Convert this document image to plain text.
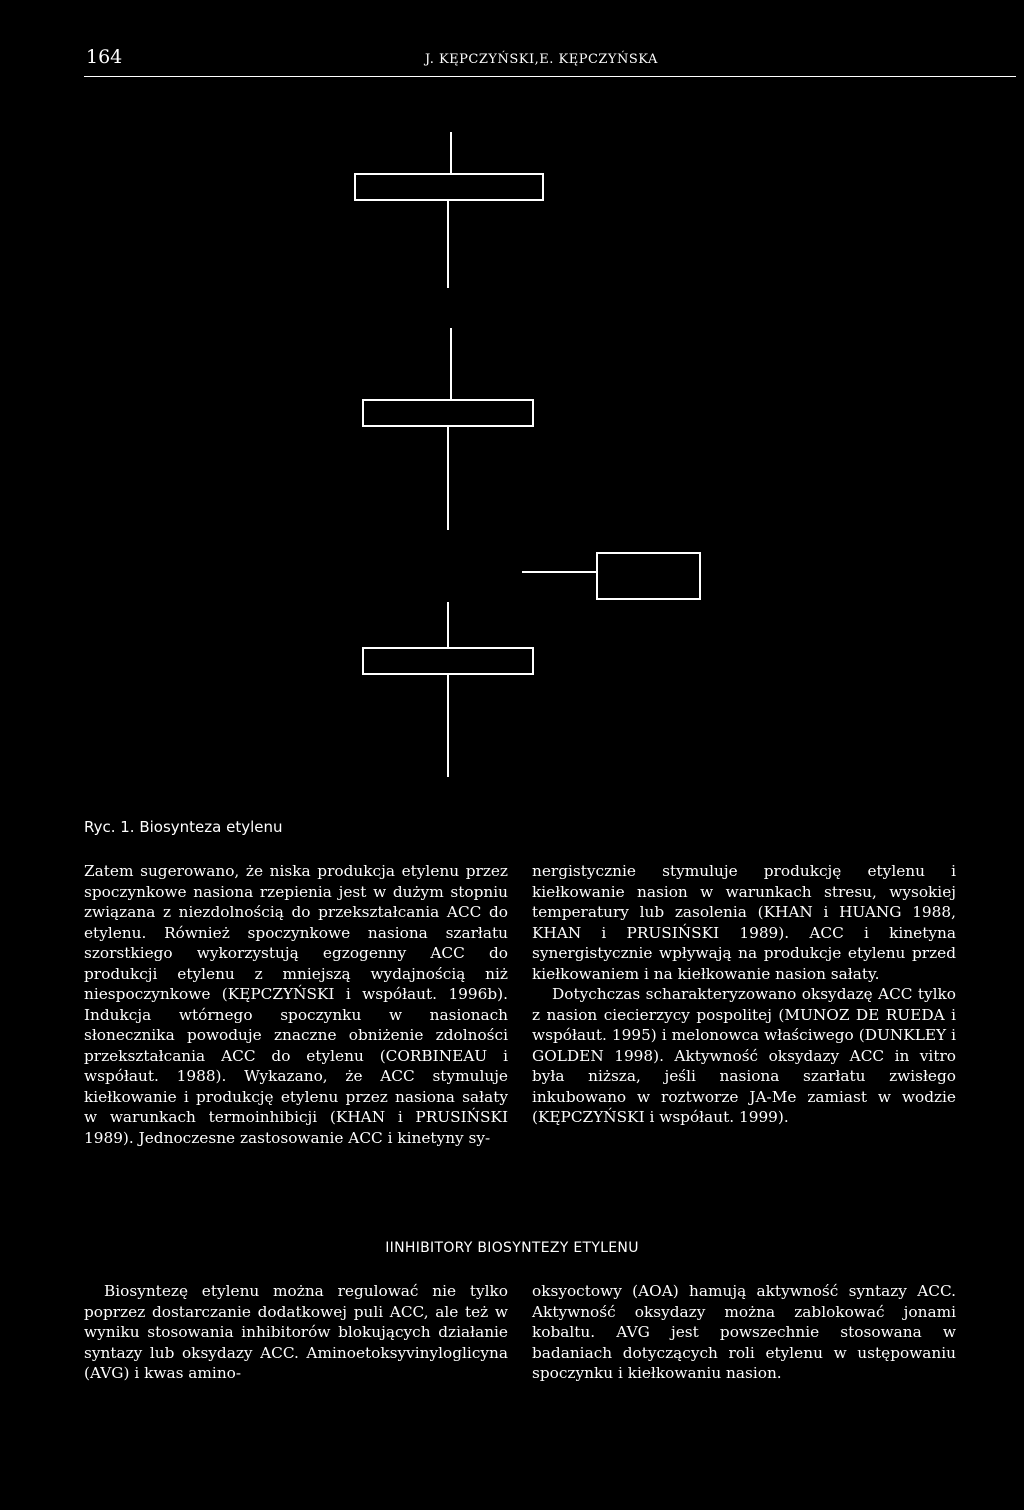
164	J. KĘPCZYŃSKI,E. KĘPCZYŃSKA
Ryc. 1. Biosynteza etylenu

Zatem sugerowano, że niska produkcja etylenu przez spoczynkowe nasiona rzepienia jest w dużym stopniu związana z niezdolnością do przekształcania ACC do etylenu. Również spoczynkowe nasiona szarłatu szorstkiego wykorzystują egzogenny ACC do produkcji etylenu z mniejszą wydajnością niż niespoczynkowe (KĘPCZYŃSKI i współaut. 1996b). Indukcja wtórnego spoczynku w nasionach słonecznika powoduje znaczne obniżenie zdolności przekształcania ACC do etylenu (CORBINEAU i współaut. 1988). Wykazano, że ACC stymuluje kiełkowanie i produkcję etylenu przez nasiona sałaty w warunkach termoinhibicji (KHAN i PRUSIŃSKI 1989). Jednoczesne zastosowanie ACC i kinetyny sy-

nergistycznie stymuluje produkcję etylenu i kiełkowanie nasion w warunkach stresu, wysokiej temperatury lub zasolenia (KHAN i HUANG 1988, KHAN i PRUSIŃSKI 1989). ACC i kinetyna synergistycznie wpływają na produkcje etylenu przed kiełkowaniem i na kiełkowanie nasion sałaty.

Dotychczas scharakteryzowano oksydazę ACC tylko z nasion ciecierzycy pospolitej (MUNOZ DE RUEDA i współaut. 1995) i melonowca właściwego (DUNKLEY i GOLDEN 1998). Aktywność oksydazy ACC in vitro była niższa, jeśli nasiona szarłatu zwisłego inkubowano w roztworze JA-Me zamiast w wodzie (KĘPCZYŃSKI i współaut. 1999).

IINHIBITORY BIOSYNTEZY ETYLENU

Biosyntezę etylenu można regulować nie tylko poprzez dostarczanie dodatkowej puli ACC, ale też w wyniku stosowania inhibitorów blokujących działanie syntazy lub oksydazy ACC. Aminoetoksyvinyloglicyna (AVG) i kwas amino-

oksyoctowy (AOA) hamują aktywność syntazy ACC. Aktywność oksydazy można zablokować jonami kobaltu. AVG jest powszechnie stosowana w badaniach dotyczących roli etylenu w ustępowaniu spoczynku i kiełkowaniu nasion.
